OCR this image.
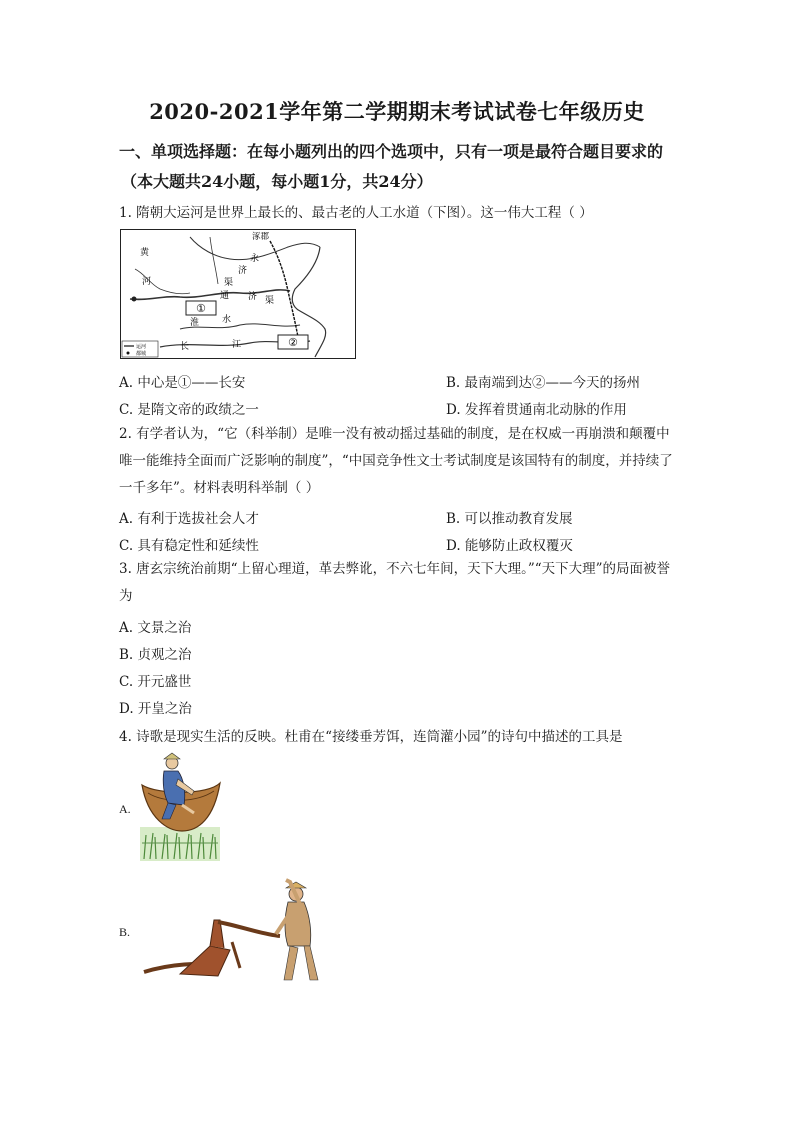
2020-2021学年第二学期期末考试试卷七年级历史
一、单项选择题：在每小题列出的四个选项中，只有一项是最符合题目要求的
（本大题共24小题，每小题1分，共24分）
1. 隋朝大运河是世界上最长的、最古老的人工水道（下图）。这一伟大工程（ ）
①
②
涿郡
永
济
渠
通 济 渠
淮	水
黄
河
长	江
运河
都城
A. 中心是①——长安	B. 最南端到达②——今天的扬州
C. 是隋文帝的政绩之一	D. 发挥着贯通南北动脉的作用
2. 有学者认为，“它（科举制）是唯一没有被动摇过基础的制度，是在权威一再崩溃和颠覆中唯一能维持全面而广泛影响的制度”，“中国竞争性文士考试制度是该国特有的制度，并持续了一千多年”。材料表明科举制（ ）
A. 有利于选拔社会人才	B. 可以推动教育发展
C. 具有稳定性和延续性	D. 能够防止政权覆灭
3. 唐玄宗统治前期“上留心理道，革去弊讹，不六七年间，天下大理。”“天下大理”的局面被誉为
A. 文景之治
B. 贞观之治
C. 开元盛世
D. 开皇之治
4. 诗歌是现实生活的反映。杜甫在“接缕垂芳饵，连筒灌小园”的诗句中描述的工具是
A.
B.
